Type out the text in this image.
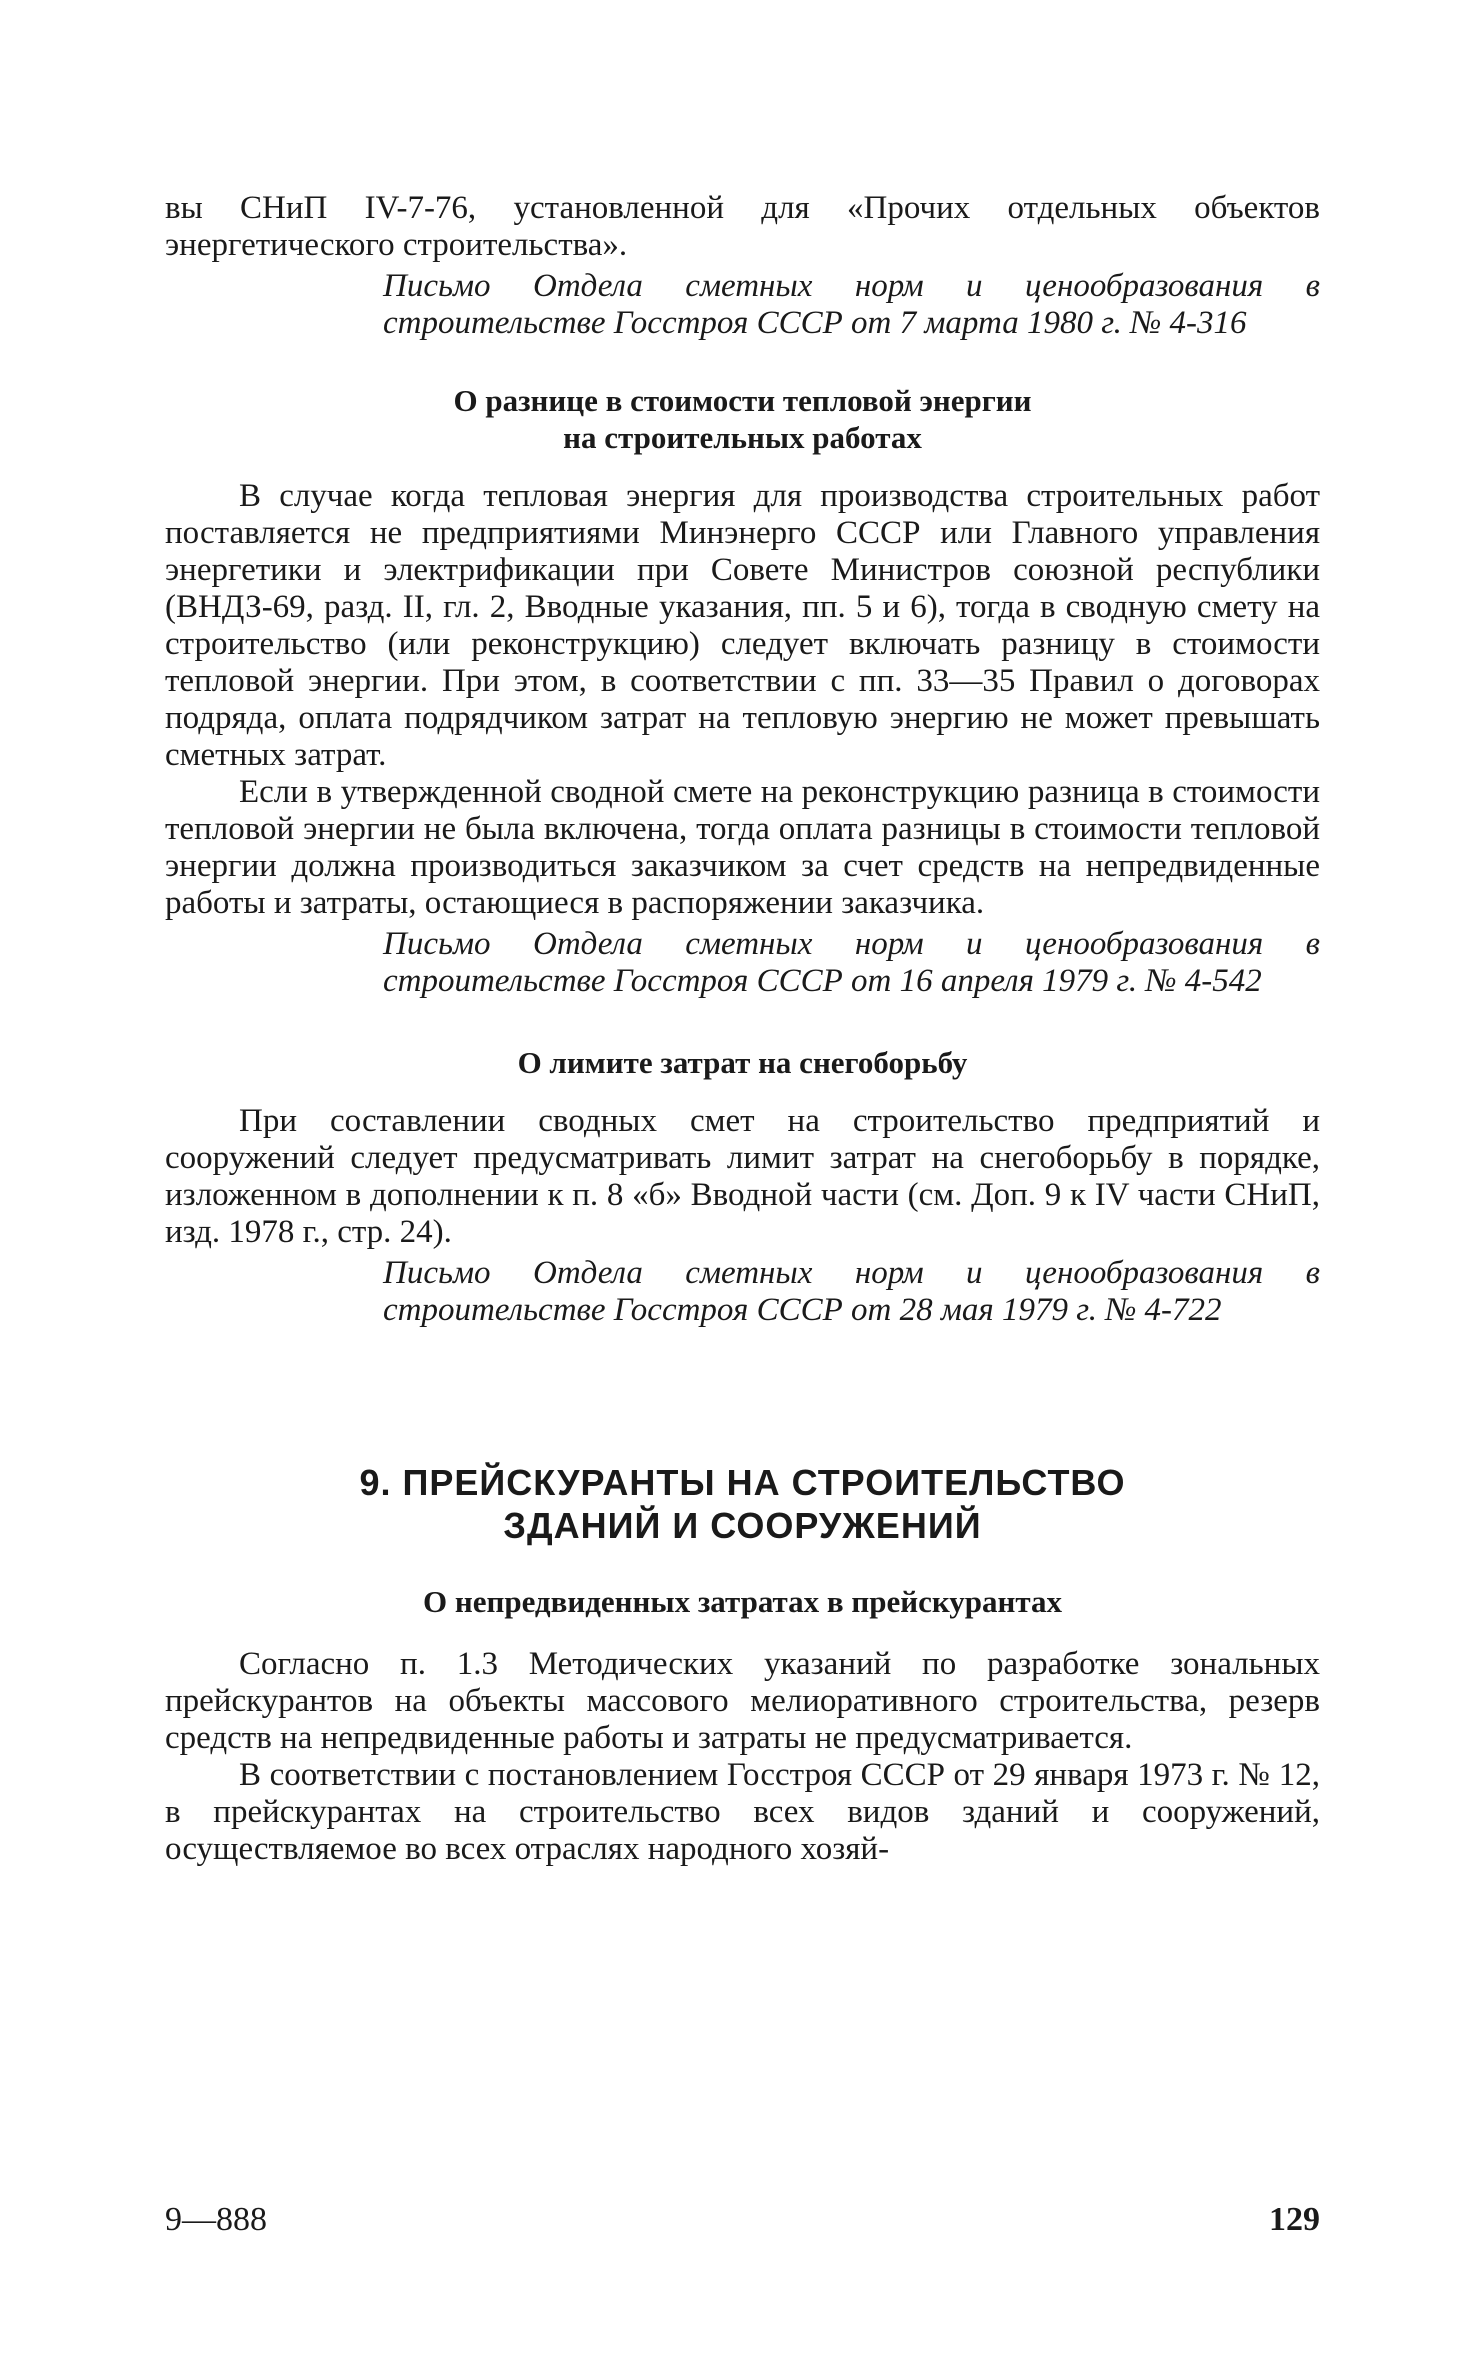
вы СНиП IV-7-76, установленной для «Прочих отдельных объектов энергетического строительства».

Письмо Отдела сметных норм и ценообразования в строительстве Госстроя СССР от 7 марта 1980 г. № 4-316
О разнице в стоимости тепловой энергии
на строительных работах

В случае когда тепловая энергия для производства строительных работ поставляется не предприятиями Минэнерго СССР или Главного управления энергетики и электрификации при Совете Министров союзной республики (ВНДЗ-69, разд. II, гл. 2, Вводные указания, пп. 5 и 6), тогда в сводную смету на строительство (или реконструкцию) следует включать разницу в стоимости тепловой энергии. При этом, в соответствии с пп. 33—35 Правил о договорах подряда, оплата подрядчиком затрат на тепловую энергию не может превышать сметных затрат.

Если в утвержденной сводной смете на реконструкцию разница в стоимости тепловой энергии не была включена, тогда оплата разницы в стоимости тепловой энергии должна производиться заказчиком за счет средств на непредвиденные работы и затраты, остающиеся в распоряжении заказчика.

Письмо Отдела сметных норм и ценообразования в строительстве Госстроя СССР от 16 апреля 1979 г. № 4-542
О лимите затрат на снегоборьбу

При составлении сводных смет на строительство предприятий и сооружений следует предусматривать лимит затрат на снегоборьбу в порядке, изложенном в дополнении к п. 8 «б» Вводной части (см. Доп. 9 к IV части СНиП, изд. 1978 г., стр. 24).

Письмо Отдела сметных норм и ценообразования в строительстве Госстроя СССР от 28 мая 1979 г. № 4-722
9. ПРЕЙСКУРАНТЫ НА СТРОИТЕЛЬСТВО
ЗДАНИЙ И СООРУЖЕНИЙ
О непредвиденных затратах в прейскурантах

Согласно п. 1.3 Методических указаний по разработке зональных прейскурантов на объекты массового мелиоративного строительства, резерв средств на непредвиденные работы и затраты не предусматривается.

В соответствии с постановлением Госстроя СССР от 29 января 1973 г. № 12, в прейскурантах на строительство всех видов зданий и сооружений, осуществляемое во всех отраслях народного хозяй-

9—888	129
